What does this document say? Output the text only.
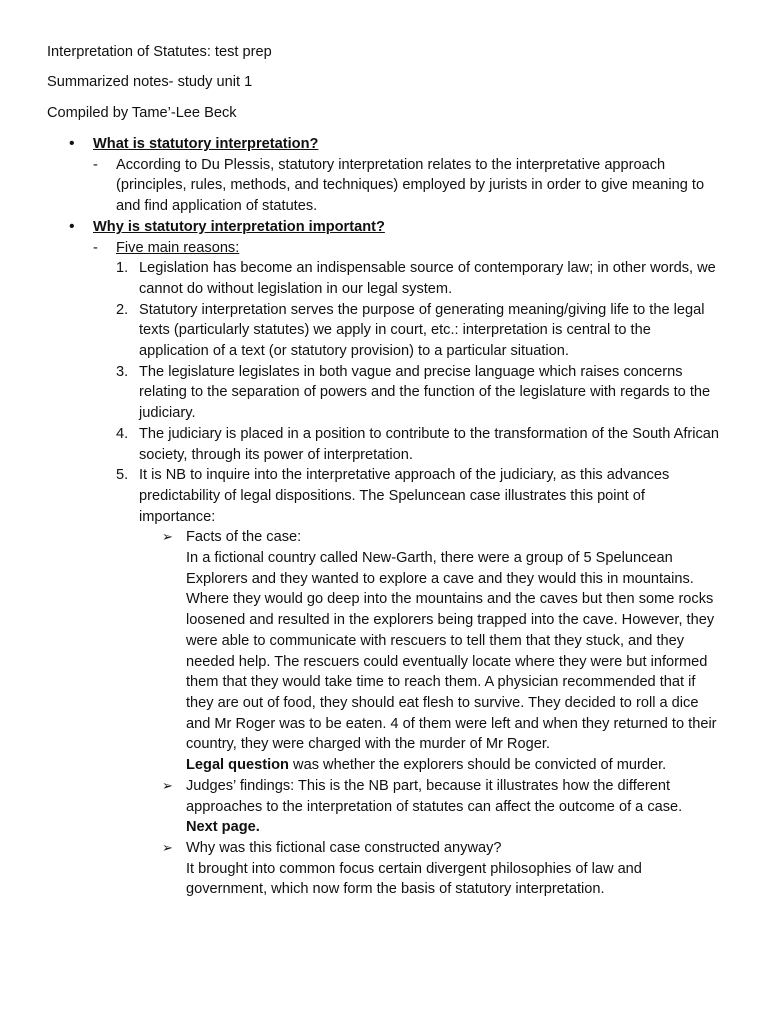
Interpretation of Statutes: test prep

Summarized notes- study unit 1

Compiled by Tame’-Lee Beck

• What is statutory interpretation?
- According to Du Plessis, statutory interpretation relates to the interpretative approach (principles, rules, methods, and techniques) employed by jurists in order to give meaning to and find application of statutes.
• Why is statutory interpretation important?
- Five main reasons:
1. Legislation has become an indispensable source of contemporary law; in other words, we cannot do without legislation in our legal system.
2. Statutory interpretation serves the purpose of generating meaning/giving life to the legal texts (particularly statutes) we apply in court, etc.: interpretation is central to the application of a text (or statutory provision) to a particular situation.
3. The legislature legislates in both vague and precise language which raises concerns relating to the separation of powers and the function of the legislature with regards to the judiciary.
4. The judiciary is placed in a position to contribute to the transformation of the South African society, through its power of interpretation.
5. It is NB to inquire into the interpretative approach of the judiciary, as this advances predictability of legal dispositions. The Speluncean case illustrates this point of importance:
➢ Facts of the case:
In a fictional country called New-Garth, there were a group of 5 Speluncean Explorers and they wanted to explore a cave and they would this in mountains. Where they would go deep into the mountains and the caves but then some rocks loosened and resulted in the explorers being trapped into the cave. However, they were able to communicate with rescuers to tell them that they stuck, and they needed help. The rescuers could eventually locate where they were but informed them that they would take time to reach them. A physician recommended that if they are out of food, they should eat flesh to survive. They decided to roll a dice and Mr Roger was to be eaten. 4 of them were left and when they returned to their country, they were charged with the murder of Mr Roger.
Legal question was whether the explorers should be convicted of murder.
➢ Judges’ findings: This is the NB part, because it illustrates how the different approaches to the interpretation of statutes can affect the outcome of a case.
Next page.
➢ Why was this fictional case constructed anyway?
It brought into common focus certain divergent philosophies of law and government, which now form the basis of statutory interpretation.
